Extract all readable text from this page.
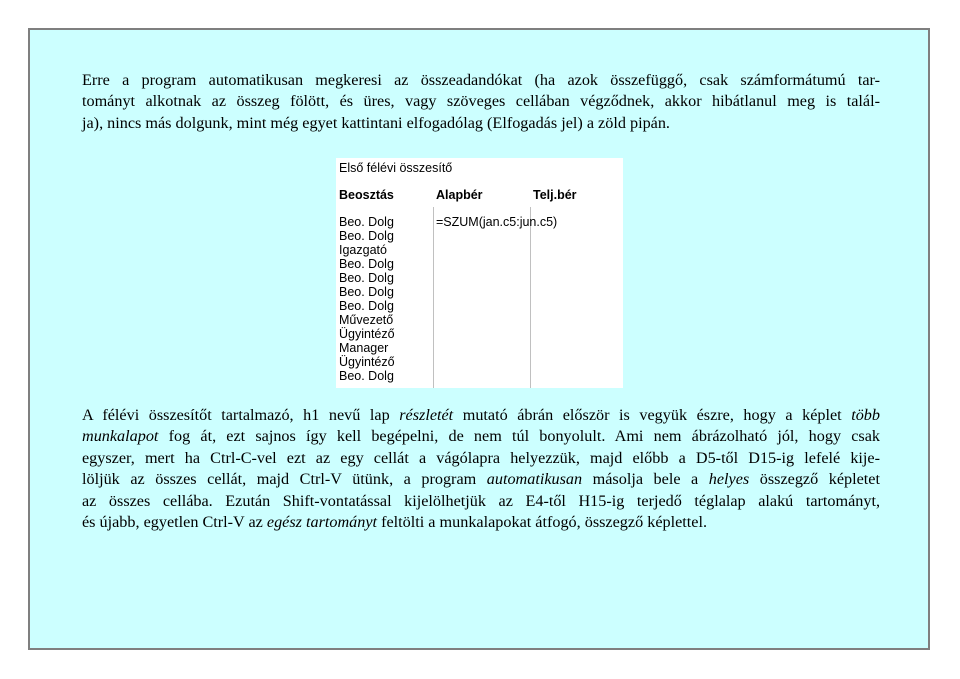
Erre a program automatikusan megkeresi az összeadandókat (ha azok összefüggő, csak számformátumú tar-
tományt alkotnak az összeg fölött, és üres, vagy szöveges cellában végződnek, akkor hibátlanul meg is talál-
ja), nincs más dolgunk, mint még egyet kattintani elfogadólag (Elfogadás jel) a zöld pipán.
Első félévi összesítő
Beosztás	Alapbér	Telj.bér
=SZUM(jan.c5:jun.c5)
Beo. Dolg
Beo. Dolg
Igazgató
Beo. Dolg
Beo. Dolg
Beo. Dolg
Beo. Dolg
Művezető
Ügyintéző
Manager
Ügyintéző
Beo. Dolg
A félévi összesítőt tartalmazó, h1 nevű lap részletét mutató ábrán először is vegyük észre, hogy a képlet több
munkalapot fog át, ezt sajnos így kell begépelni, de nem túl bonyolult. Ami nem ábrázolható jól, hogy csak
egyszer, mert ha Ctrl-C-vel ezt az egy cellát a vágólapra helyezzük, majd előbb a D5-től D15-ig lefelé kije-
löljük az összes cellát, majd Ctrl-V ütünk, a program automatikusan másolja bele a helyes összegző képletet
az összes cellába. Ezután Shift-vontatással kijelölhetjük az E4-től H15-ig terjedő téglalap alakú tartományt,
és újabb, egyetlen Ctrl-V az egész tartományt feltölti a munkalapokat átfogó, összegző képlettel.
